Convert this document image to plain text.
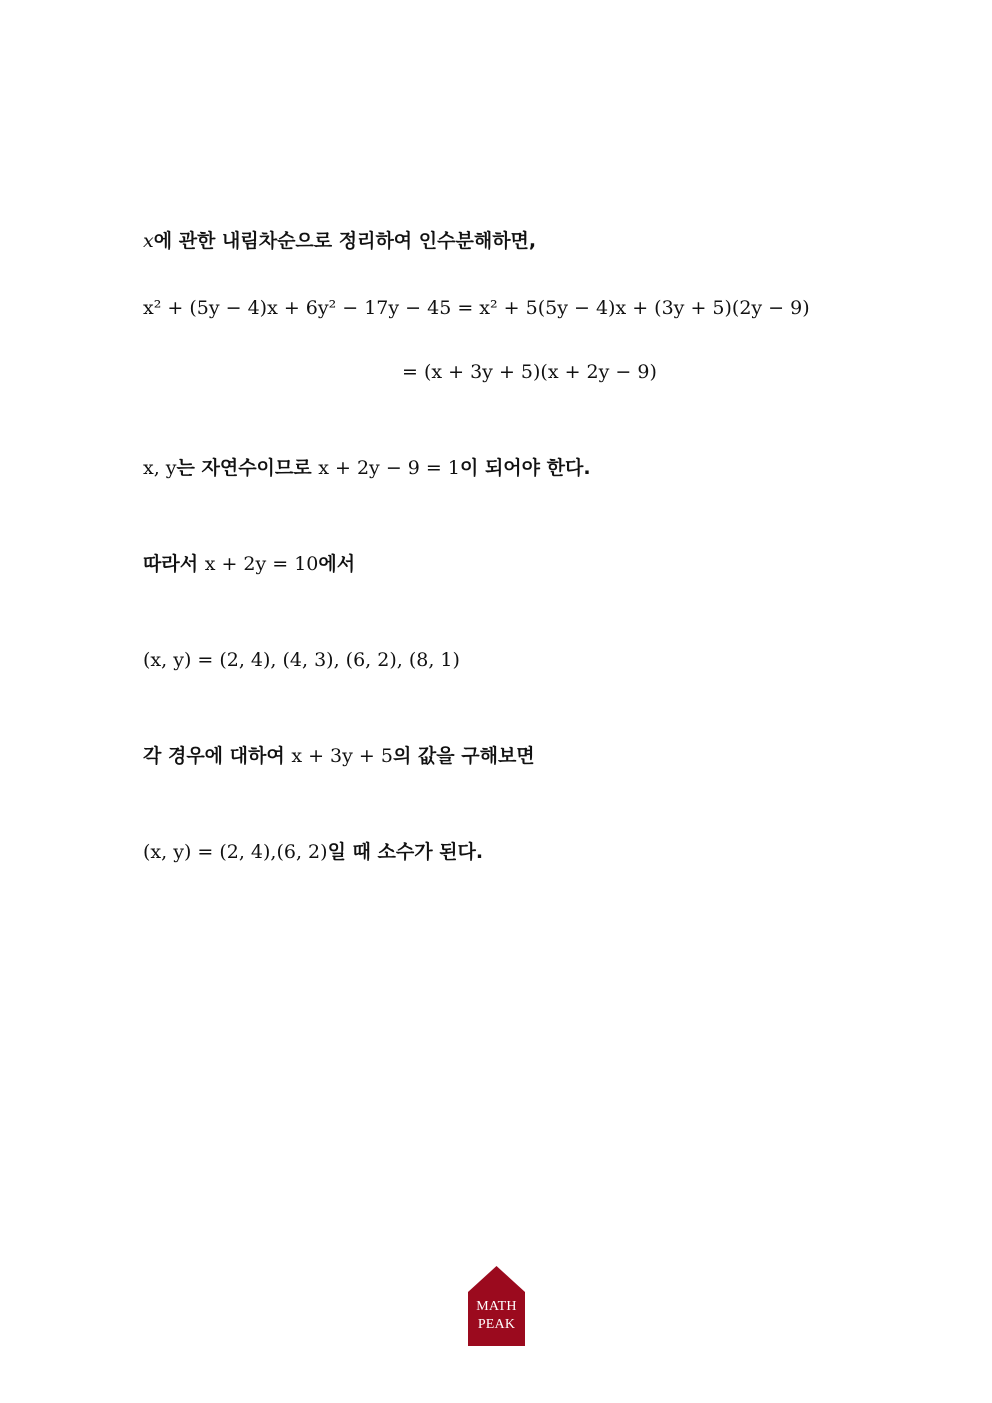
x에 관한 내림차순으로 정리하여 인수분해하면,
x² + (5y − 4)x + 6y² − 17y − 45 = x² + 5(5y − 4)x + (3y + 5)(2y − 9)
= (x + 3y + 5)(x + 2y − 9)
x, y는 자연수이므로 x + 2y − 9 = 1이 되어야 한다.
따라서 x + 2y = 10에서
(x, y) = (2, 4), (4, 3), (6, 2), (8, 1)
각 경우에 대하여 x + 3y + 5의 값을 구해보면
(x, y) = (2, 4),(6, 2)일 때 소수가 된다.
MATH
PEAK
